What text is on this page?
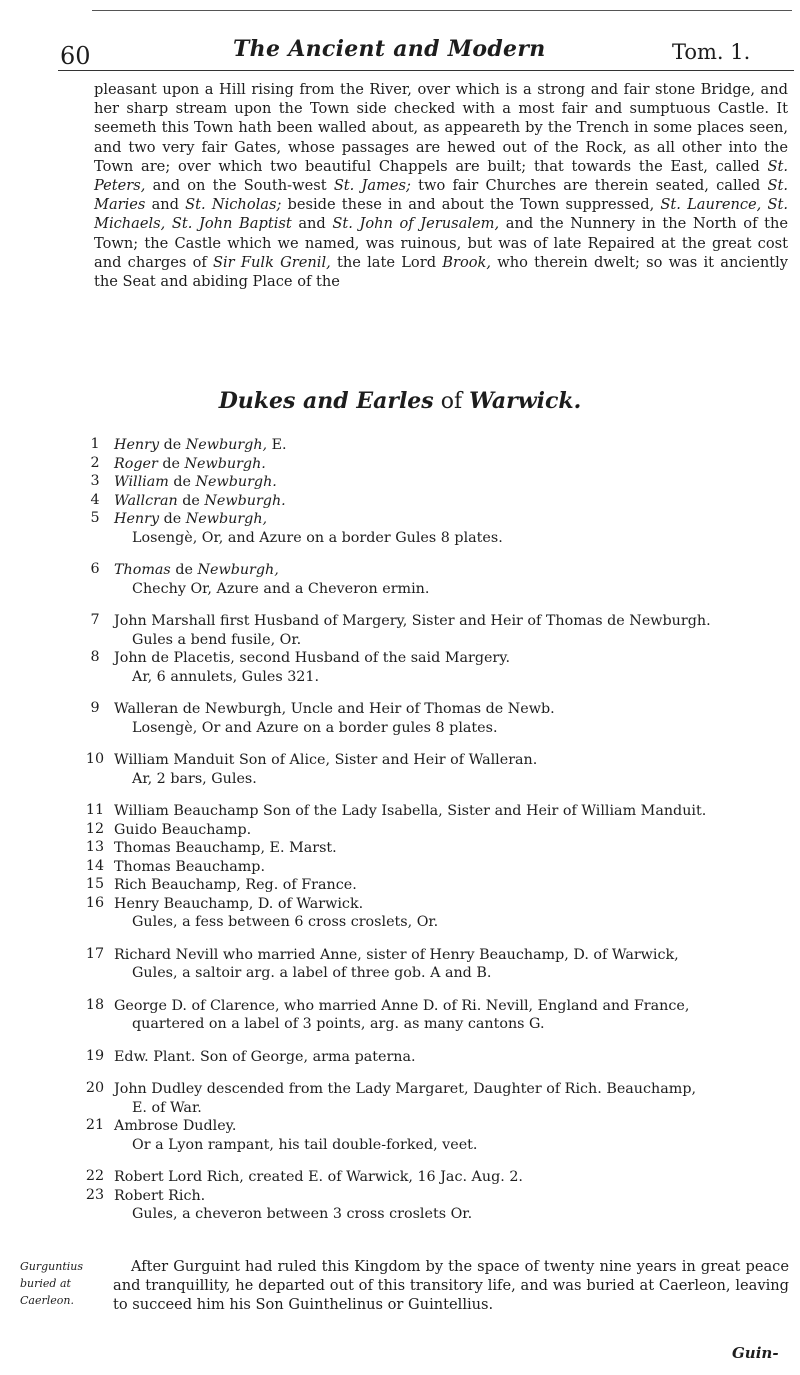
60	The Ancient and Modern	Tom. 1.

pleasant upon a Hill rising from the River, over which is a strong and fair stone Bridge, and her sharp stream upon the Town side checked with a most fair and sumptuous Castle. It seemeth this Town hath been walled about, as appeareth by the Trench in some places seen, and two very fair Gates, whose passages are hewed out of the Rock, as all other into the Town are; over which two beautiful Chappels are built; that towards the East, called St. Peters, and on the South-west St. James; two fair Churches are therein seated, called St. Maries and St. Nicholas; beside these in and about the Town suppressed, St. Laurence, St. Michaels, St. John Baptist and St. John of Jerusalem, and the Nunnery in the North of the Town; the Castle which we named, was ruinous, but was of late Repaired at the great cost and charges of Sir Fulk Grenil, the late Lord Brook, who therein dwelt; so was it anciently the Seat and abiding Place of the

Dukes and Earles of Warwick.
1	Henry de Newburgh, E.
2	Roger de Newburgh.
3	William de Newburgh.
4	Wallcran de Newburgh.
5	Henry de Newburgh,
Losengè, Or, and Azure on a border Gules 8 plates.
6	Thomas de Newburgh,
Chechy Or, Azure and a Cheveron ermin.
7	John Marshall first Husband of Margery, Sister and Heir of Thomas de Newburgh.
Gules a bend fusile, Or.
8	John de Placetis, second Husband of the said Margery.
Ar, 6 annulets, Gules 321.
9	Walleran de Newburgh, Uncle and Heir of Thomas de Newb.
Losengè, Or and Azure on a border gules 8 plates.
10 William Manduit Son of Alice, Sister and Heir of Walleran.
Ar, 2 bars, Gules.
11 William Beauchamp Son of the Lady Isabella, Sister and Heir of William Manduit.
12 Guido Beauchamp.
13 Thomas Beauchamp, E. Marst.
14 Thomas Beauchamp.
15 Rich Beauchamp, Reg. of France.
16 Henry Beauchamp, D. of Warwick.
Gules, a fess between 6 cross croslets, Or.
17 Richard Nevill who married Anne, sister of Henry Beauchamp, D. of Warwick,
Gules, a saltoir arg. a label of three gob. A and B.
18 George D. of Clarence, who married Anne D. of Ri. Nevill, England and France,
quartered on a label of 3 points, arg. as many cantons G.
19 Edw. Plant. Son of George, arma paterna.
20 John Dudley descended from the Lady Margaret, Daughter of Rich. Beauchamp,
E. of War.
21 Ambrose Dudley.
Or a Lyon rampant, his tail double-forked, veet.
22 Robert Lord Rich, created E. of Warwick, 16 Jac. Aug. 2.
23 Robert Rich.
Gules, a cheveron between 3 cross croslets Or.
Gurguntius buried at Caerleon.

After Gurguint had ruled this Kingdom by the space of twenty nine years in great peace and tranquillity, he departed out of this transitory life, and was buried at Caerleon, leaving to succeed him his Son Guinthelinus or Guintellius.

Guin-
